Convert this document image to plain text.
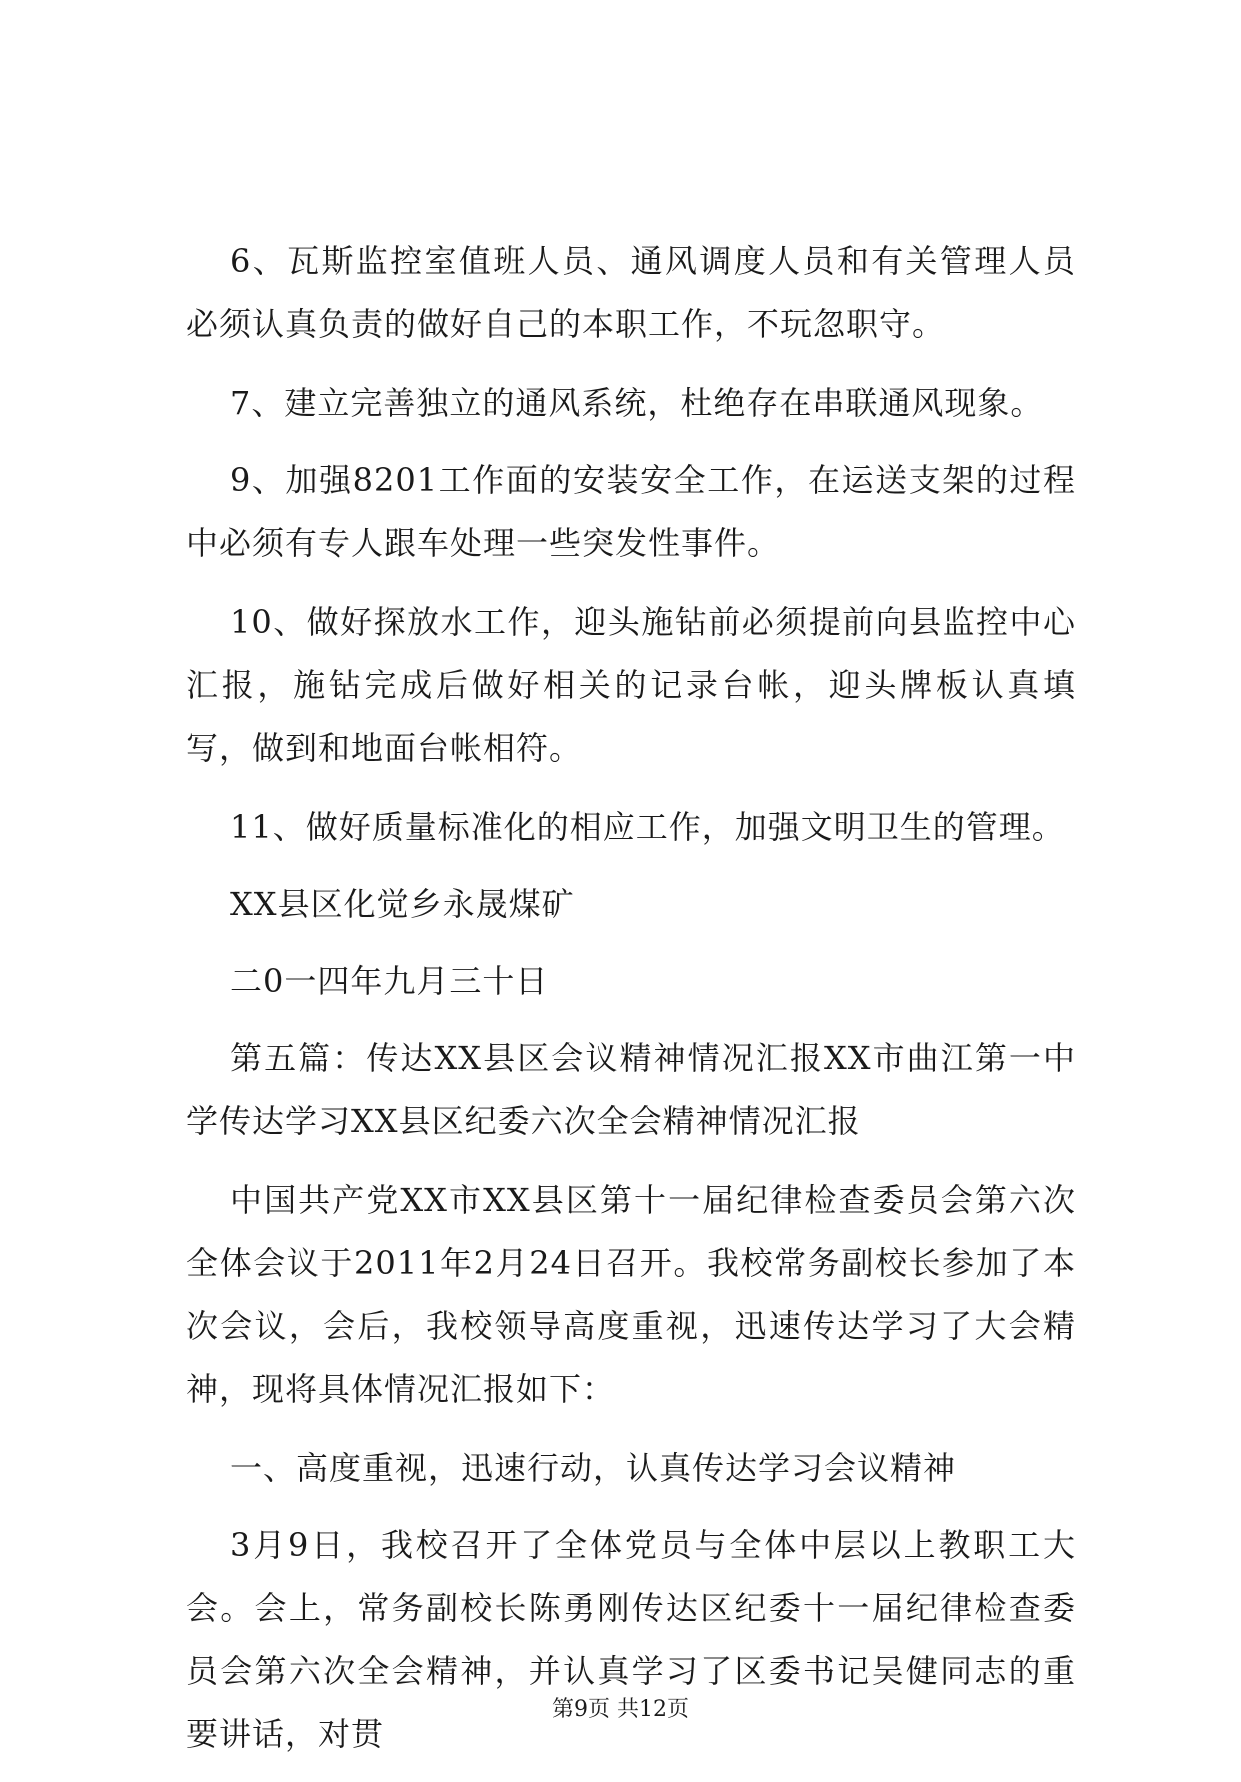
6、瓦斯监控室值班人员、通风调度人员和有关管理人员必须认真负责的做好自己的本职工作，不玩忽职守。

7、建立完善独立的通风系统，杜绝存在串联通风现象。

9、加强8201工作面的安装安全工作，在运送支架的过程中必须有专人跟车处理一些突发性事件。

10、做好探放水工作，迎头施钻前必须提前向县监控中心汇报，施钻完成后做好相关的记录台帐，迎头牌板认真填写，做到和地面台帐相符。

11、做好质量标准化的相应工作，加强文明卫生的管理。

XX县区化觉乡永晟煤矿

二0一四年九月三十日

第五篇：传达XX县区会议精神情况汇报XX市曲江第一中学传达学习XX县区纪委六次全会精神情况汇报

中国共产党XX市XX县区第十一届纪律检查委员会第六次全体会议于2011年2月24日召开。我校常务副校长参加了本次会议，会后，我校领导高度重视，迅速传达学习了大会精神，现将具体情况汇报如下：

一、高度重视，迅速行动，认真传达学习会议精神

3月9日，我校召开了全体党员与全体中层以上教职工大会。会上，常务副校长陈勇刚传达区纪委十一届纪律检查委员会第六次全会精神，并认真学习了区委书记吴健同志的重要讲话，对贯

第9页 共12页
